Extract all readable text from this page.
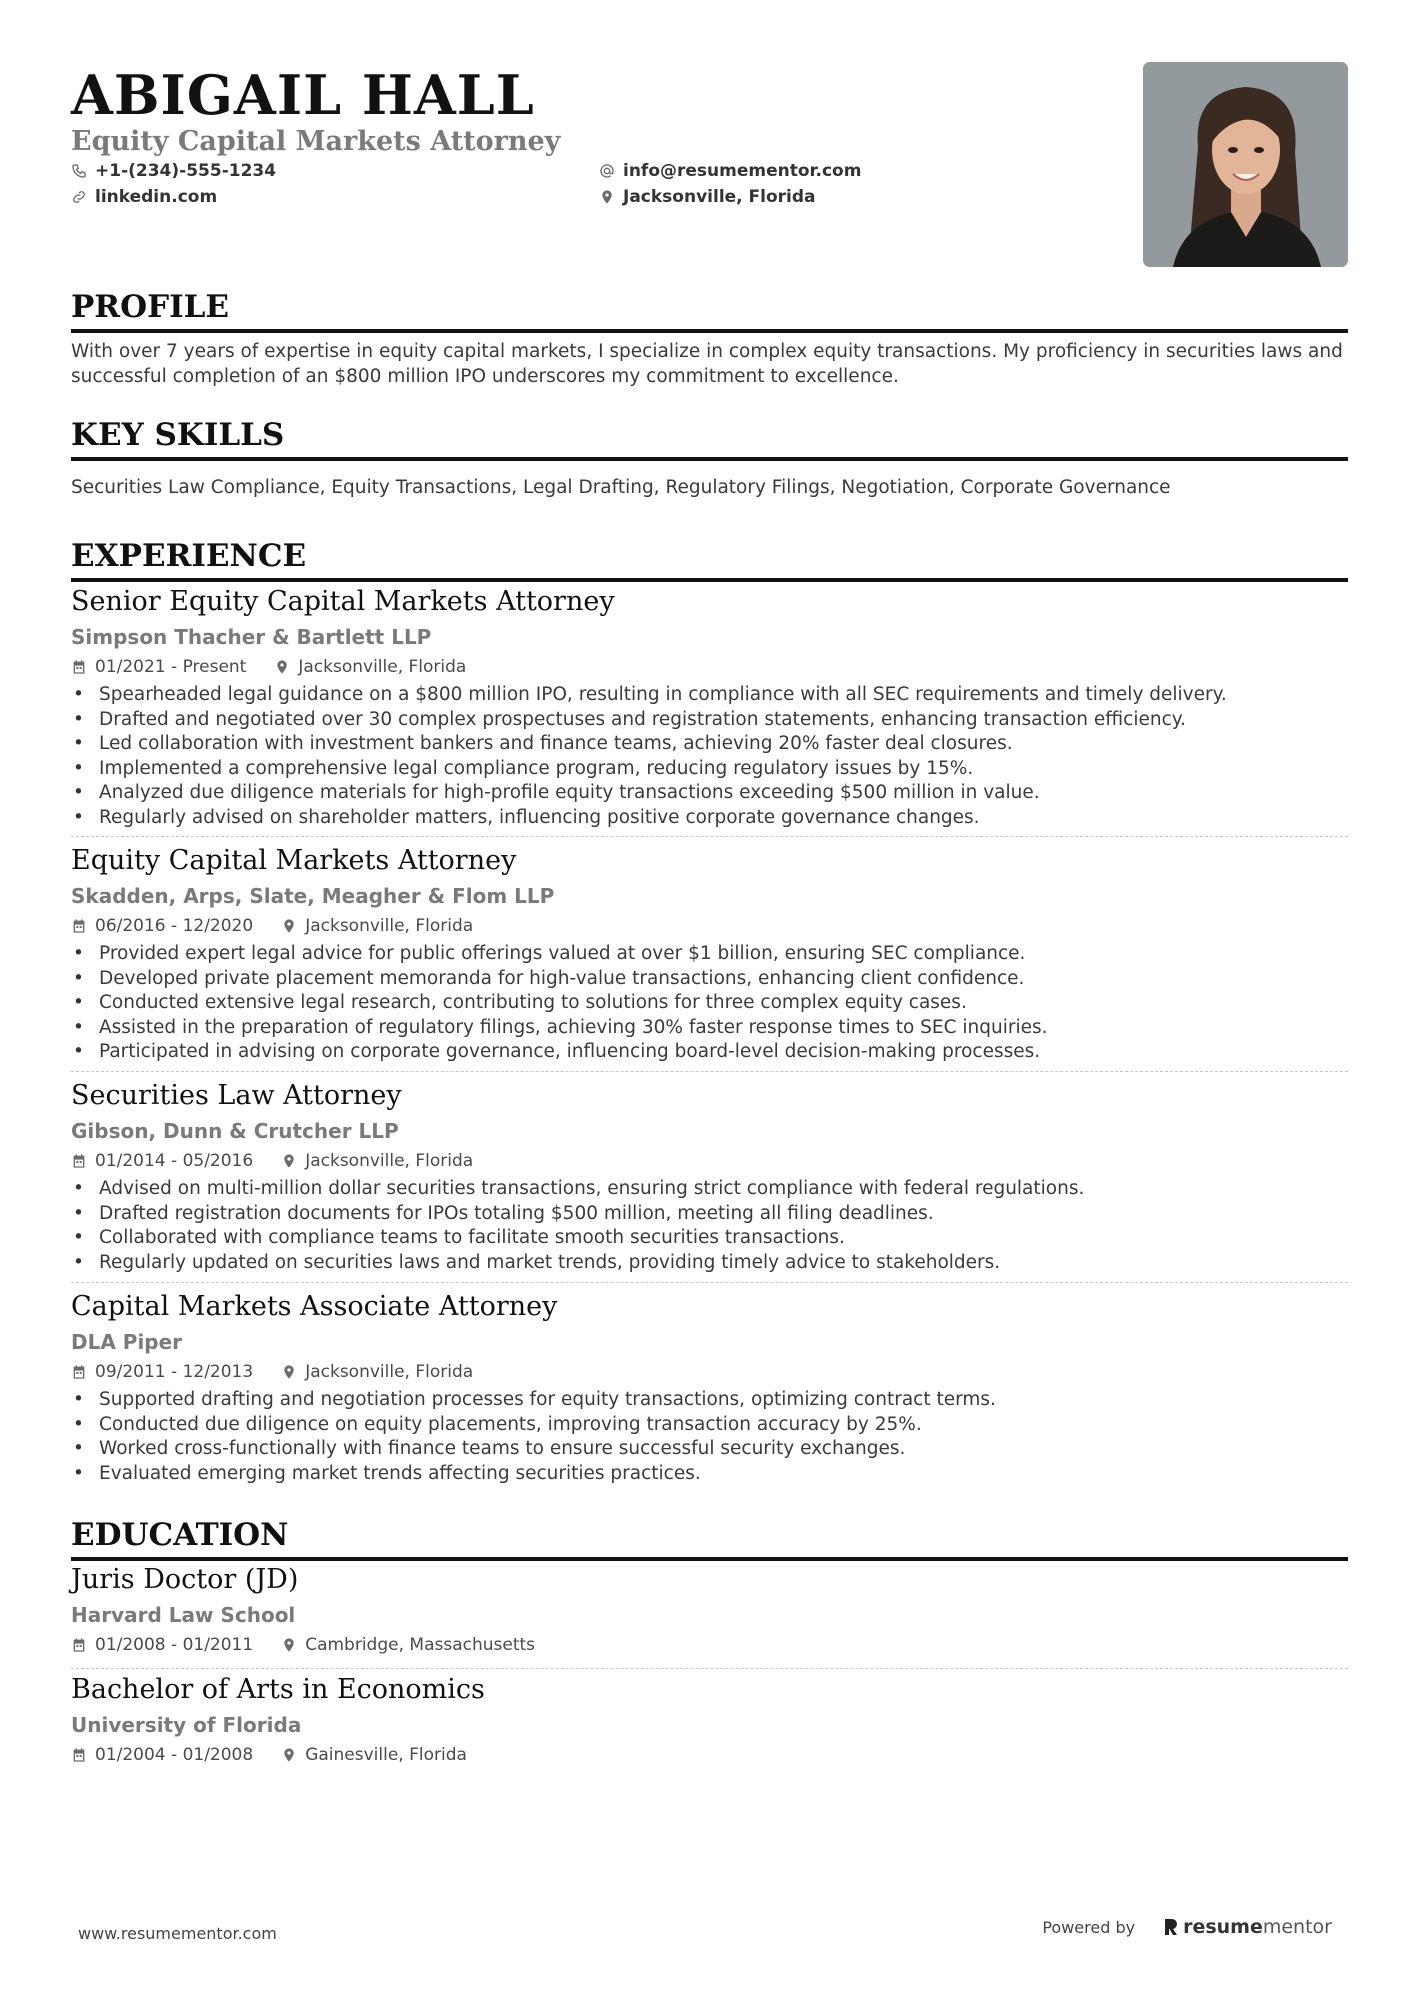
ABIGAIL HALL
Equity Capital Markets Attorney
+1-(234)-555-1234
linkedin.com
info@resumementor.com
Jacksonville, Florida
PROFILE
With over 7 years of expertise in equity capital markets, I specialize in complex equity transactions. My proficiency in securities laws and successful completion of an $800 million IPO underscores my commitment to excellence.
KEY SKILLS
Securities Law Compliance, Equity Transactions, Legal Drafting, Regulatory Filings, Negotiation, Corporate Governance
EXPERIENCE
Senior Equity Capital Markets Attorney
Simpson Thacher & Bartlett LLP
01/2021 - Present	Jacksonville, Florida
• Spearheaded legal guidance on a $800 million IPO, resulting in compliance with all SEC requirements and timely delivery.
• Drafted and negotiated over 30 complex prospectuses and registration statements, enhancing transaction efficiency.
• Led collaboration with investment bankers and finance teams, achieving 20% faster deal closures.
• Implemented a comprehensive legal compliance program, reducing regulatory issues by 15%.
• Analyzed due diligence materials for high-profile equity transactions exceeding $500 million in value.
• Regularly advised on shareholder matters, influencing positive corporate governance changes.
Equity Capital Markets Attorney
Skadden, Arps, Slate, Meagher & Flom LLP
06/2016 - 12/2020	Jacksonville, Florida
• Provided expert legal advice for public offerings valued at over $1 billion, ensuring SEC compliance.
• Developed private placement memoranda for high-value transactions, enhancing client confidence.
• Conducted extensive legal research, contributing to solutions for three complex equity cases.
• Assisted in the preparation of regulatory filings, achieving 30% faster response times to SEC inquiries.
• Participated in advising on corporate governance, influencing board-level decision-making processes.
Securities Law Attorney
Gibson, Dunn & Crutcher LLP
01/2014 - 05/2016	Jacksonville, Florida
• Advised on multi-million dollar securities transactions, ensuring strict compliance with federal regulations.
• Drafted registration documents for IPOs totaling $500 million, meeting all filing deadlines.
• Collaborated with compliance teams to facilitate smooth securities transactions.
• Regularly updated on securities laws and market trends, providing timely advice to stakeholders.
Capital Markets Associate Attorney
DLA Piper
09/2011 - 12/2013	Jacksonville, Florida
• Supported drafting and negotiation processes for equity transactions, optimizing contract terms.
• Conducted due diligence on equity placements, improving transaction accuracy by 25%.
• Worked cross-functionally with finance teams to ensure successful security exchanges.
• Evaluated emerging market trends affecting securities practices.
EDUCATION
Juris Doctor (JD)
Harvard Law School
01/2008 - 01/2011	Cambridge, Massachusetts
Bachelor of Arts in Economics
University of Florida
01/2004 - 01/2008	Gainesville, Florida
www.resumementor.com	Powered by	resume mentor
